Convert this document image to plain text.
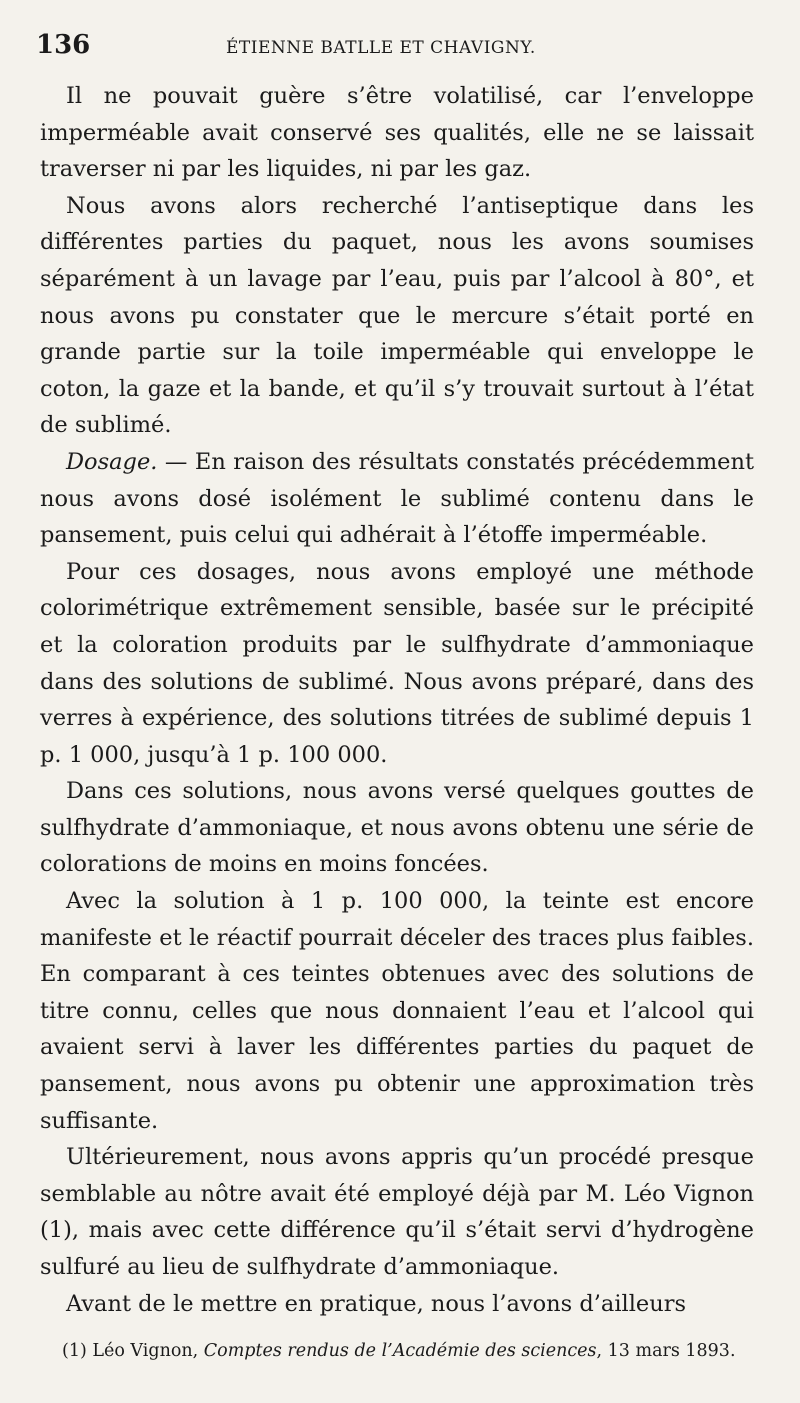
136	ÉTIENNE BATLLE ET CHAVIGNY.

Il ne pouvait guère s’être volatilisé, car l’enveloppe imperméable avait conservé ses qualités, elle ne se laissait traverser ni par les liquides, ni par les gaz.

Nous avons alors recherché l’antiseptique dans les différentes parties du paquet, nous les avons soumises séparément à un lavage par l’eau, puis par l’alcool à 80°, et nous avons pu constater que le mercure s’était porté en grande partie sur la toile imperméable qui enveloppe le coton, la gaze et la bande, et qu’il s’y trouvait surtout à l’état de sublimé.

Dosage. — En raison des résultats constatés précédemment nous avons dosé isolément le sublimé contenu dans le pansement, puis celui qui adhérait à l’étoffe imperméable.

Pour ces dosages, nous avons employé une méthode colorimétrique extrêmement sensible, basée sur le précipité et la coloration produits par le sulfhydrate d’ammoniaque dans des solutions de sublimé. Nous avons préparé, dans des verres à expérience, des solutions titrées de sublimé depuis 1 p. 1 000, jusqu’à 1 p. 100 000.

Dans ces solutions, nous avons versé quelques gouttes de sulfhydrate d’ammoniaque, et nous avons obtenu une série de colorations de moins en moins foncées.

Avec la solution à 1 p. 100 000, la teinte est encore manifeste et le réactif pourrait déceler des traces plus faibles. En comparant à ces teintes obtenues avec des solutions de titre connu, celles que nous donnaient l’eau et l’alcool qui avaient servi à laver les différentes parties du paquet de pansement, nous avons pu obtenir une approximation très suffisante.

Ultérieurement, nous avons appris qu’un procédé presque semblable au nôtre avait été employé déjà par M. Léo Vignon (1), mais avec cette différence qu’il s’était servi d’hydrogène sulfuré au lieu de sulfhydrate d’ammoniaque.

Avant de le mettre en pratique, nous l’avons d’ailleurs

(1) Léo Vignon, Comptes rendus de l’Académie des sciences, 13 mars 1893.
